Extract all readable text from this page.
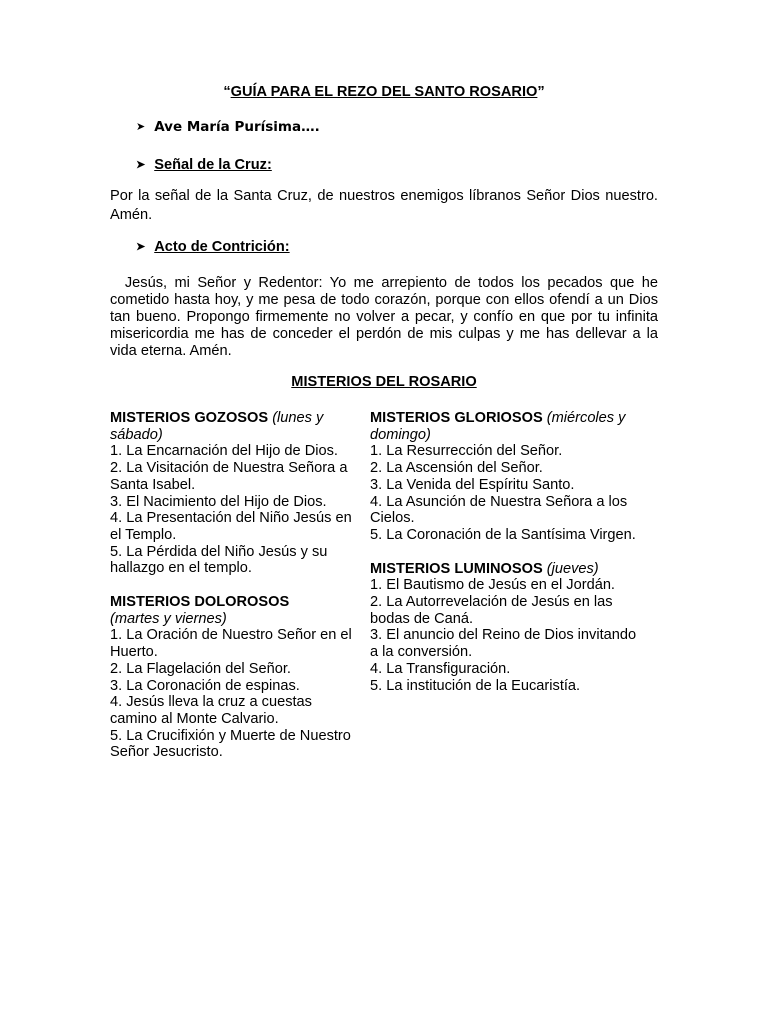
“GUÍA PARA EL REZO DEL SANTO ROSARIO”
➤ Ave María Purísima….
➤ Señal de la Cruz:
Por la señal de la Santa Cruz, de nuestros enemigos líbranos Señor Dios nuestro. Amén.
➤ Acto de Contrición:
Jesús, mi Señor y Redentor: Yo me arrepiento de todos los pecados que he cometido hasta hoy, y me pesa de todo corazón, porque con ellos ofendí a un Dios tan bueno. Propongo firmemente no volver a pecar, y confío en que por tu infinita misericordia me has de conceder el perdón de mis culpas y me has dellevar a la vida eterna. Amén.
MISTERIOS DEL ROSARIO
MISTERIOS GOZOSOS (lunes y sábado)
1. La Encarnación del Hijo de Dios.
2. La Visitación de Nuestra Señora a Santa Isabel.
3. El Nacimiento del Hijo de Dios.
4. La Presentación del Niño Jesús en el Templo.
5. La Pérdida del Niño Jesús y su hallazgo en el templo.
MISTERIOS DOLOROSOS (martes y viernes)
1. La Oración de Nuestro Señor en el Huerto.
2. La Flagelación del Señor.
3. La Coronación de espinas.
4. Jesús lleva la cruz a cuestas camino al Monte Calvario.
5. La Crucifixión y Muerte de Nuestro Señor Jesucristo.
MISTERIOS GLORIOSOS (miércoles y domingo)
1. La Resurrección del Señor.
2. La Ascensión del Señor.
3. La Venida del Espíritu Santo.
4. La Asunción de Nuestra Señora a los Cielos.
5. La Coronación de la Santísima Virgen.
MISTERIOS LUMINOSOS (jueves)
1. El Bautismo de Jesús en el Jordán.
2. La Autorrevelación de Jesús en las bodas de Caná.
3. El anuncio del Reino de Dios invitando a la conversión.
4. La Transfiguración.
5. La institución de la Eucaristía.
